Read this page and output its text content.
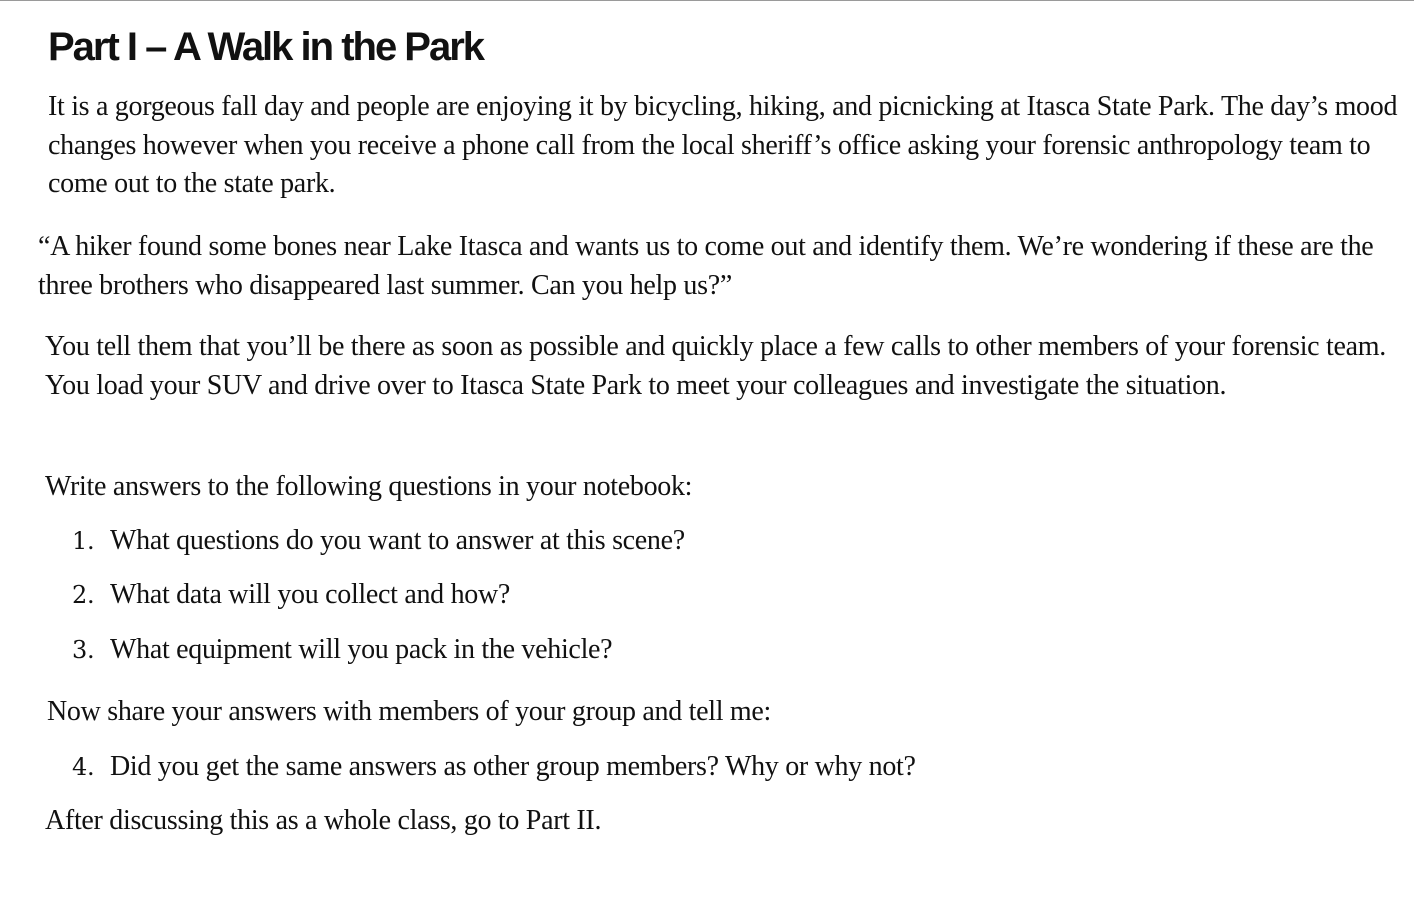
Part I – A Walk in the Park

It is a gorgeous fall day and people are enjoying it by bicycling, hiking, and picnicking at Itasca State Park. The day’s mood changes however when you receive a phone call from the local sheriff’s office asking your forensic anthropology team to come out to the state park.

“A hiker found some bones near Lake Itasca and wants us to come out and identify them. We’re wondering if these are the three brothers who disappeared last summer. Can you help us?”

You tell them that you’ll be there as soon as possible and quickly place a few calls to other members of your forensic team. You load your SUV and drive over to Itasca State Park to meet your colleagues and investigate the situation.

Write answers to the following questions in your notebook:

1. What questions do you want to answer at this scene?
2. What data will you collect and how?
3. What equipment will you pack in the vehicle?

Now share your answers with members of your group and tell me:

4. Did you get the same answers as other group members? Why or why not?

After discussing this as a whole class, go to Part II.
